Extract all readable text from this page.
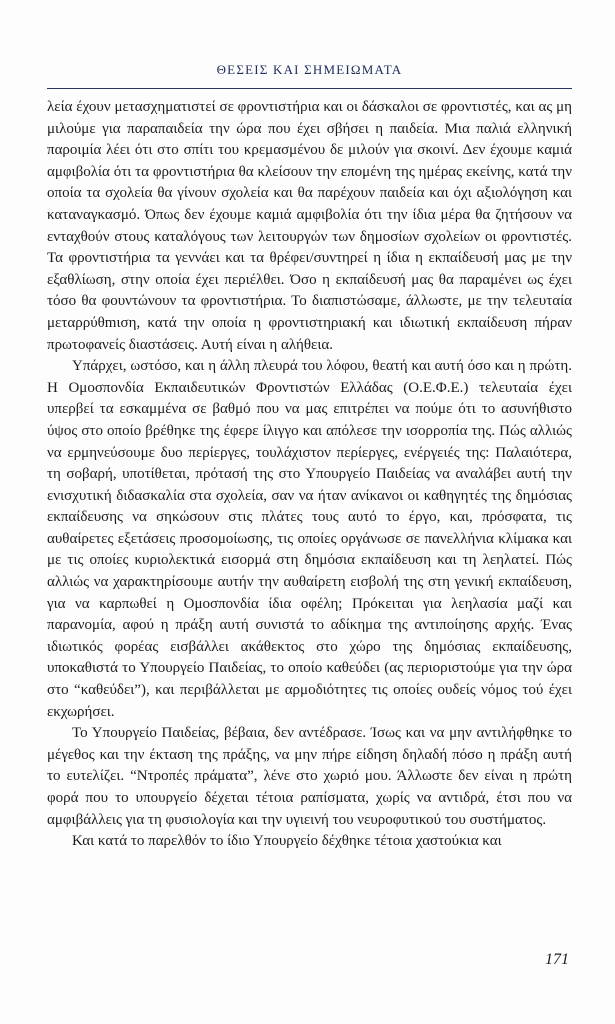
ΘΕΣΕΙΣ ΚΑΙ ΣΗΜΕΙΩΜΑΤΑ

λεία έχουν μετασχηματιστεί σε φροντιστήρια και οι δάσκαλοι σε φροντιστές, και ας μη μιλούμε για παραπαιδεία την ώρα που έχει σβήσει η παιδεία. Μια παλιά ελληνική παροιμία λέει ότι στο σπίτι του κρεμασμένου δε μιλούν για σκοινί. Δεν έχουμε καμιά αμφιβολία ότι τα φροντιστήρια θα κλείσουν την επομένη της ημέρας εκείνης, κατά την οποία τα σχολεία θα γίνουν σχολεία και θα παρέχουν παιδεία και όχι αξιολόγηση και καταναγκασμό. Όπως δεν έχουμε καμιά αμφιβολία ότι την ίδια μέρα θα ζητήσουν να ενταχθούν στους καταλόγους των λειτουργών των δημοσίων σχολείων οι φροντιστές. Τα φροντιστήρια τα γεννάει και τα θρέφει/συντηρεί η ίδια η εκπαίδευσή μας με την εξαθλίωση, στην οποία έχει περιέλθει. Όσο η εκπαίδευσή μας θα παραμένει ως έχει τόσο θα φουντώνουν τα φροντιστήρια. Το διαπιστώσαμε, άλλωστε, με την τελευταία μεταρρύθmιση, κατά την οποία η φροντιστηριακή και ιδιωτική εκπαίδευση πήραν πρωτοφανείς διαστάσεις. Αυτή είναι η αλήθεια.

Υπάρχει, ωστόσο, και η άλλη πλευρά του λόφου, θεατή και αυτή όσο και η πρώτη. Η Ομοσπονδία Εκπαιδευτικών Φροντιστών Ελλάδας (Ο.Ε.Φ.Ε.) τελευταία έχει υπερβεί τα εσκαμμένα σε βαθμό που να μας επιτρέπει να πούμε ότι το ασυνήθιστο ύψος στο οποίο βρέθηκε της έφερε ίλιγγο και απόλεσε την ισορροπία της. Πώς αλλιώς να ερμηνεύσουμε δυο περίεργες, τουλάχιστον περίεργες, ενέργειές της: Παλαιότερα, τη σοβαρή, υποτίθεται, πρότασή της στο Υπουργείο Παιδείας να αναλάβει αυτή την ενισχυτική διδασκαλία στα σχολεία, σαν να ήταν ανίκανοι οι καθηγητές της δημόσιας εκπαίδευσης να σηκώσουν στις πλάτες τους αυτό το έργο, και, πρόσφατα, τις αυθαίρετες εξετάσεις προσομοίωσης, τις οποίες οργάνωσε σε πανελλήνια κλίμακα και με τις οποίες κυριολεκτικά εισορμά στη δημόσια εκπαίδευση και τη λεηλατεί. Πώς αλλιώς να χαρακτηρίσουμε αυτήν την αυθαίρετη εισβολή της στη γενική εκπαίδευση, για να καρπωθεί η Ομοσπονδία ίδια οφέλη; Πρόκειται για λεηλασία μαζί και παρανομία, αφού η πράξη αυτή συνιστά το αδίκημα της αντιποίησης αρχής. Ένας ιδιωτικός φορέας εισβάλλει ακάθεκτος στο χώρο της δημόσιας εκπαίδευσης, υποκαθιστά το Υπουργείο Παιδείας, το οποίο καθεύδει (ας περιοριστούμε για την ώρα στο “καθεύδει”), και περιβάλλεται με αρμοδιότητες τις οποίες ουδείς νόμος τού έχει εκχωρήσει.

Το Υπουργείο Παιδείας, βέβαια, δεν αντέδρασε. Ίσως και να μην αντιλήφθηκε το μέγεθος και την έκταση της πράξης, να μην πήρε είδηση δηλαδή πόσο η πράξη αυτή το ευτελίζει. “Ντροπές πράματα”, λένε στο χωριό μου. Άλλωστε δεν είναι η πρώτη φορά που το υπουργείο δέχεται τέτοια ραπίσματα, χωρίς να αντιδρά, έτσι που να αμφιβάλλεις για τη φυσιολογία και την υγιεινή του νευροφυτικού του συστήματος.

Και κατά το παρελθόν το ίδιο Υπουργείο δέχθηκε τέτοια χαστούκια και

171
